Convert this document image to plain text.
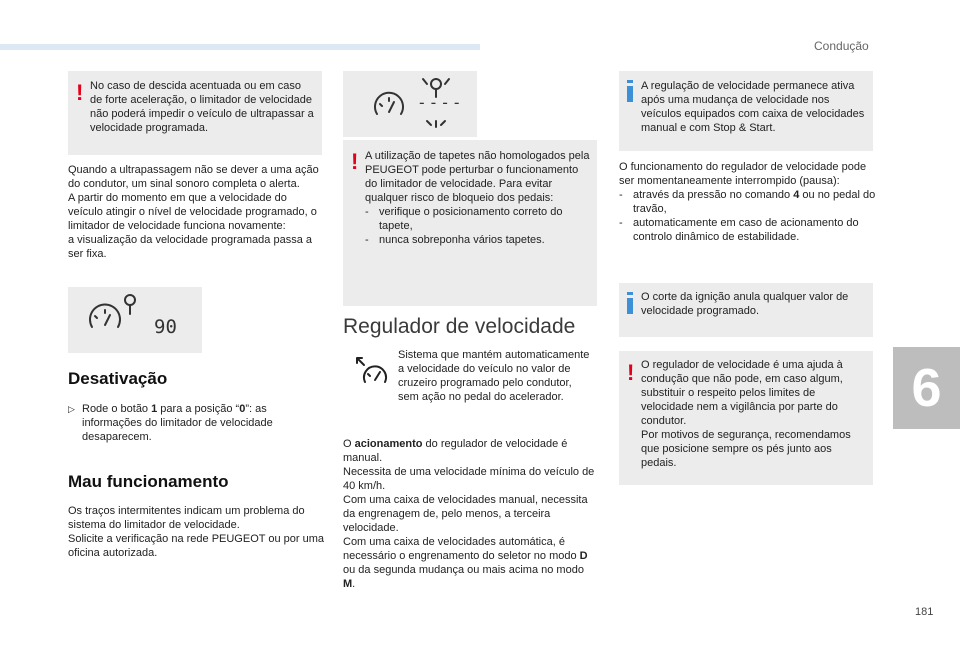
Condução
! No caso de descida acentuada ou em caso de forte aceleração, o limitador de velocidade não poderá impedir o veículo de ultrapassar a velocidade programada.

Quando a ultrapassagem não se dever a uma ação do condutor, um sinal sonoro completa o alerta.

A partir do momento em que a velocidade do veículo atingir o nível de velocidade programado, o limitador de velocidade funciona novamente:

a visualização da velocidade programada passa a ser fixa.

90
Desativação
▷ Rode o botão 1 para a posição “0”: as informações do limitador de velocidade desaparecem.
Mau funcionamento

Os traços intermitentes indicam um problema do sistema do limitador de velocidade.

Solicite a verificação na rede PEUGEOT ou por uma oficina autorizada.

----
! A utilização de tapetes não homologados pela PEUGEOT pode perturbar o funcionamento do limitador de velocidade. Para evitar qualquer risco de bloqueio dos pedais:

- verifique o posicionamento correto do tapete,
- nunca sobreponha vários tapetes.
Regulador de velocidade
Sistema que mantém automaticamente a velocidade do veículo no valor de cruzeiro programado pelo condutor, sem ação no pedal do acelerador.

O acionamento do regulador de velocidade é manual.

Necessita de uma velocidade mínima do veículo de 40 km/h.

Com uma caixa de velocidades manual, necessita da engrenagem de, pelo menos, a terceira velocidade.

Com uma caixa de velocidades automática, é necessário o engrenamento do seletor no modo D ou da segunda mudança ou mais acima no modo M.

A regulação de velocidade permanece ativa após uma mudança de velocidade nos veículos equipados com caixa de velocidades manual e com Stop & Start.

O funcionamento do regulador de velocidade pode ser momentaneamente interrompido (pausa):

- através da pressão no comando 4 ou no pedal do travão,
- automaticamente em caso de acionamento do controlo dinâmico de estabilidade.
O corte da ignição anula qualquer valor de velocidade programado.
! O regulador de velocidade é uma ajuda à condução que não pode, em caso algum, substituir o respeito pelos limites de velocidade nem a vigilância por parte do condutor.

Por motivos de segurança, recomendamos que posicione sempre os pés junto aos pedais.

6
181
